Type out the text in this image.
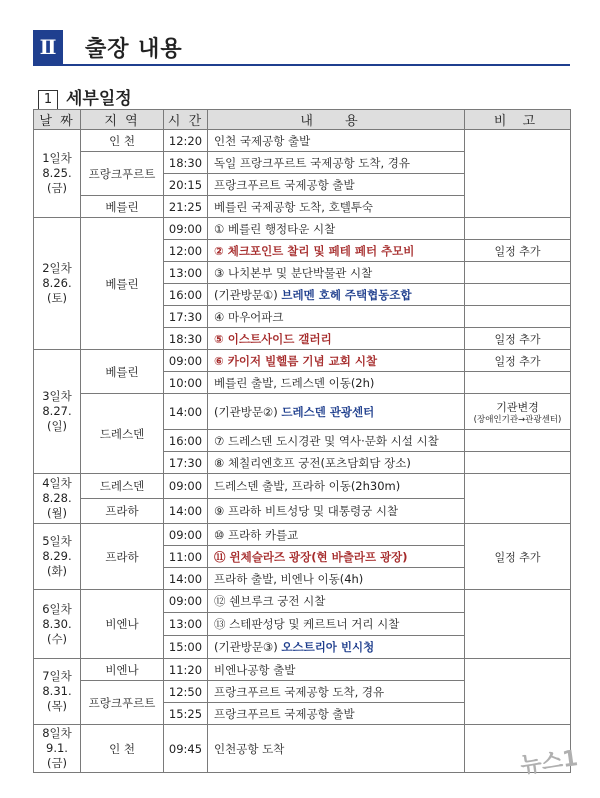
Ⅱ 출장 내용
1 세부일정
날 짜	지 역	시 간	내 용	비 고
1일차
8.25.
(금)	인 천	12:20	인천 국제공항 출발	
	프랑크푸르트	18:30	독일 프랑크푸르트 국제공항 도착, 경유	
		20:15	프랑크푸르트 국제공항 출발	
	베를린	21:25	베를린 국제공항 도착, 호텔투숙	
2일차
8.26.
(토)	베를린	09:00	① 베를린 행정타운 시찰	
		12:00	② 체크포인트 찰리 및 페테 페터 추모비	일정 추가
		13:00	③ 나치본부 및 분단박물관 시찰	
		16:00	(기관방문①) 브레멘 호헤 주택협동조합	
		17:30	④ 마우어파크	
		18:30	⑤ 이스트사이드 갤러리	일정 추가
3일차
8.27.
(일)	베를린	09:00	⑥ 카이저 빌헬름 기념 교회 시찰	일정 추가
		10:00	베를린 출발, 드레스덴 이동(2h)	
	드레스덴	14:00	(기관방문②) 드레스덴 관광센터	기관변경
(장애인기관→관광센터)

		16:00	⑦ 드레스덴 도시경관 및 역사·문화 시설 시찰	
		17:30	⑧ 체칠리엔호프 궁전(포츠담회담 장소)	
4일차
8.28.
(월)	드레스덴	09:00	드레스덴 출발, 프라하 이동(2h30m)	
	프라하	14:00	⑨ 프라하 비트성당 및 대통령궁 시찰	
5일차
8.29.
(화)	프라하	09:00	⑩ 프라하 카를교	일정 추가
		11:00	⑪ 윈체슬라즈 광장(현 바츨라프 광장)	
		14:00	프라하 출발, 비엔나 이동(4h)	
6일차
8.30.
(수)	비엔나	09:00	⑫ 쉔브루크 궁전 시찰	
		13:00	⑬ 스테판성당 및 케르트너 거리 시찰	
		15:00	(기관방문③) 오스트리아 빈시청	
7일차
8.31.
(목)	비엔나	11:20	비엔나공항 출발	
	프랑크푸르트	12:50	프랑크푸르트 국제공항 도착, 경유	
		15:25	프랑크푸르트 국제공항 출발	
8일차
9.1.
(금)	인 천	09:45	인천공항 도착		뉴스1
